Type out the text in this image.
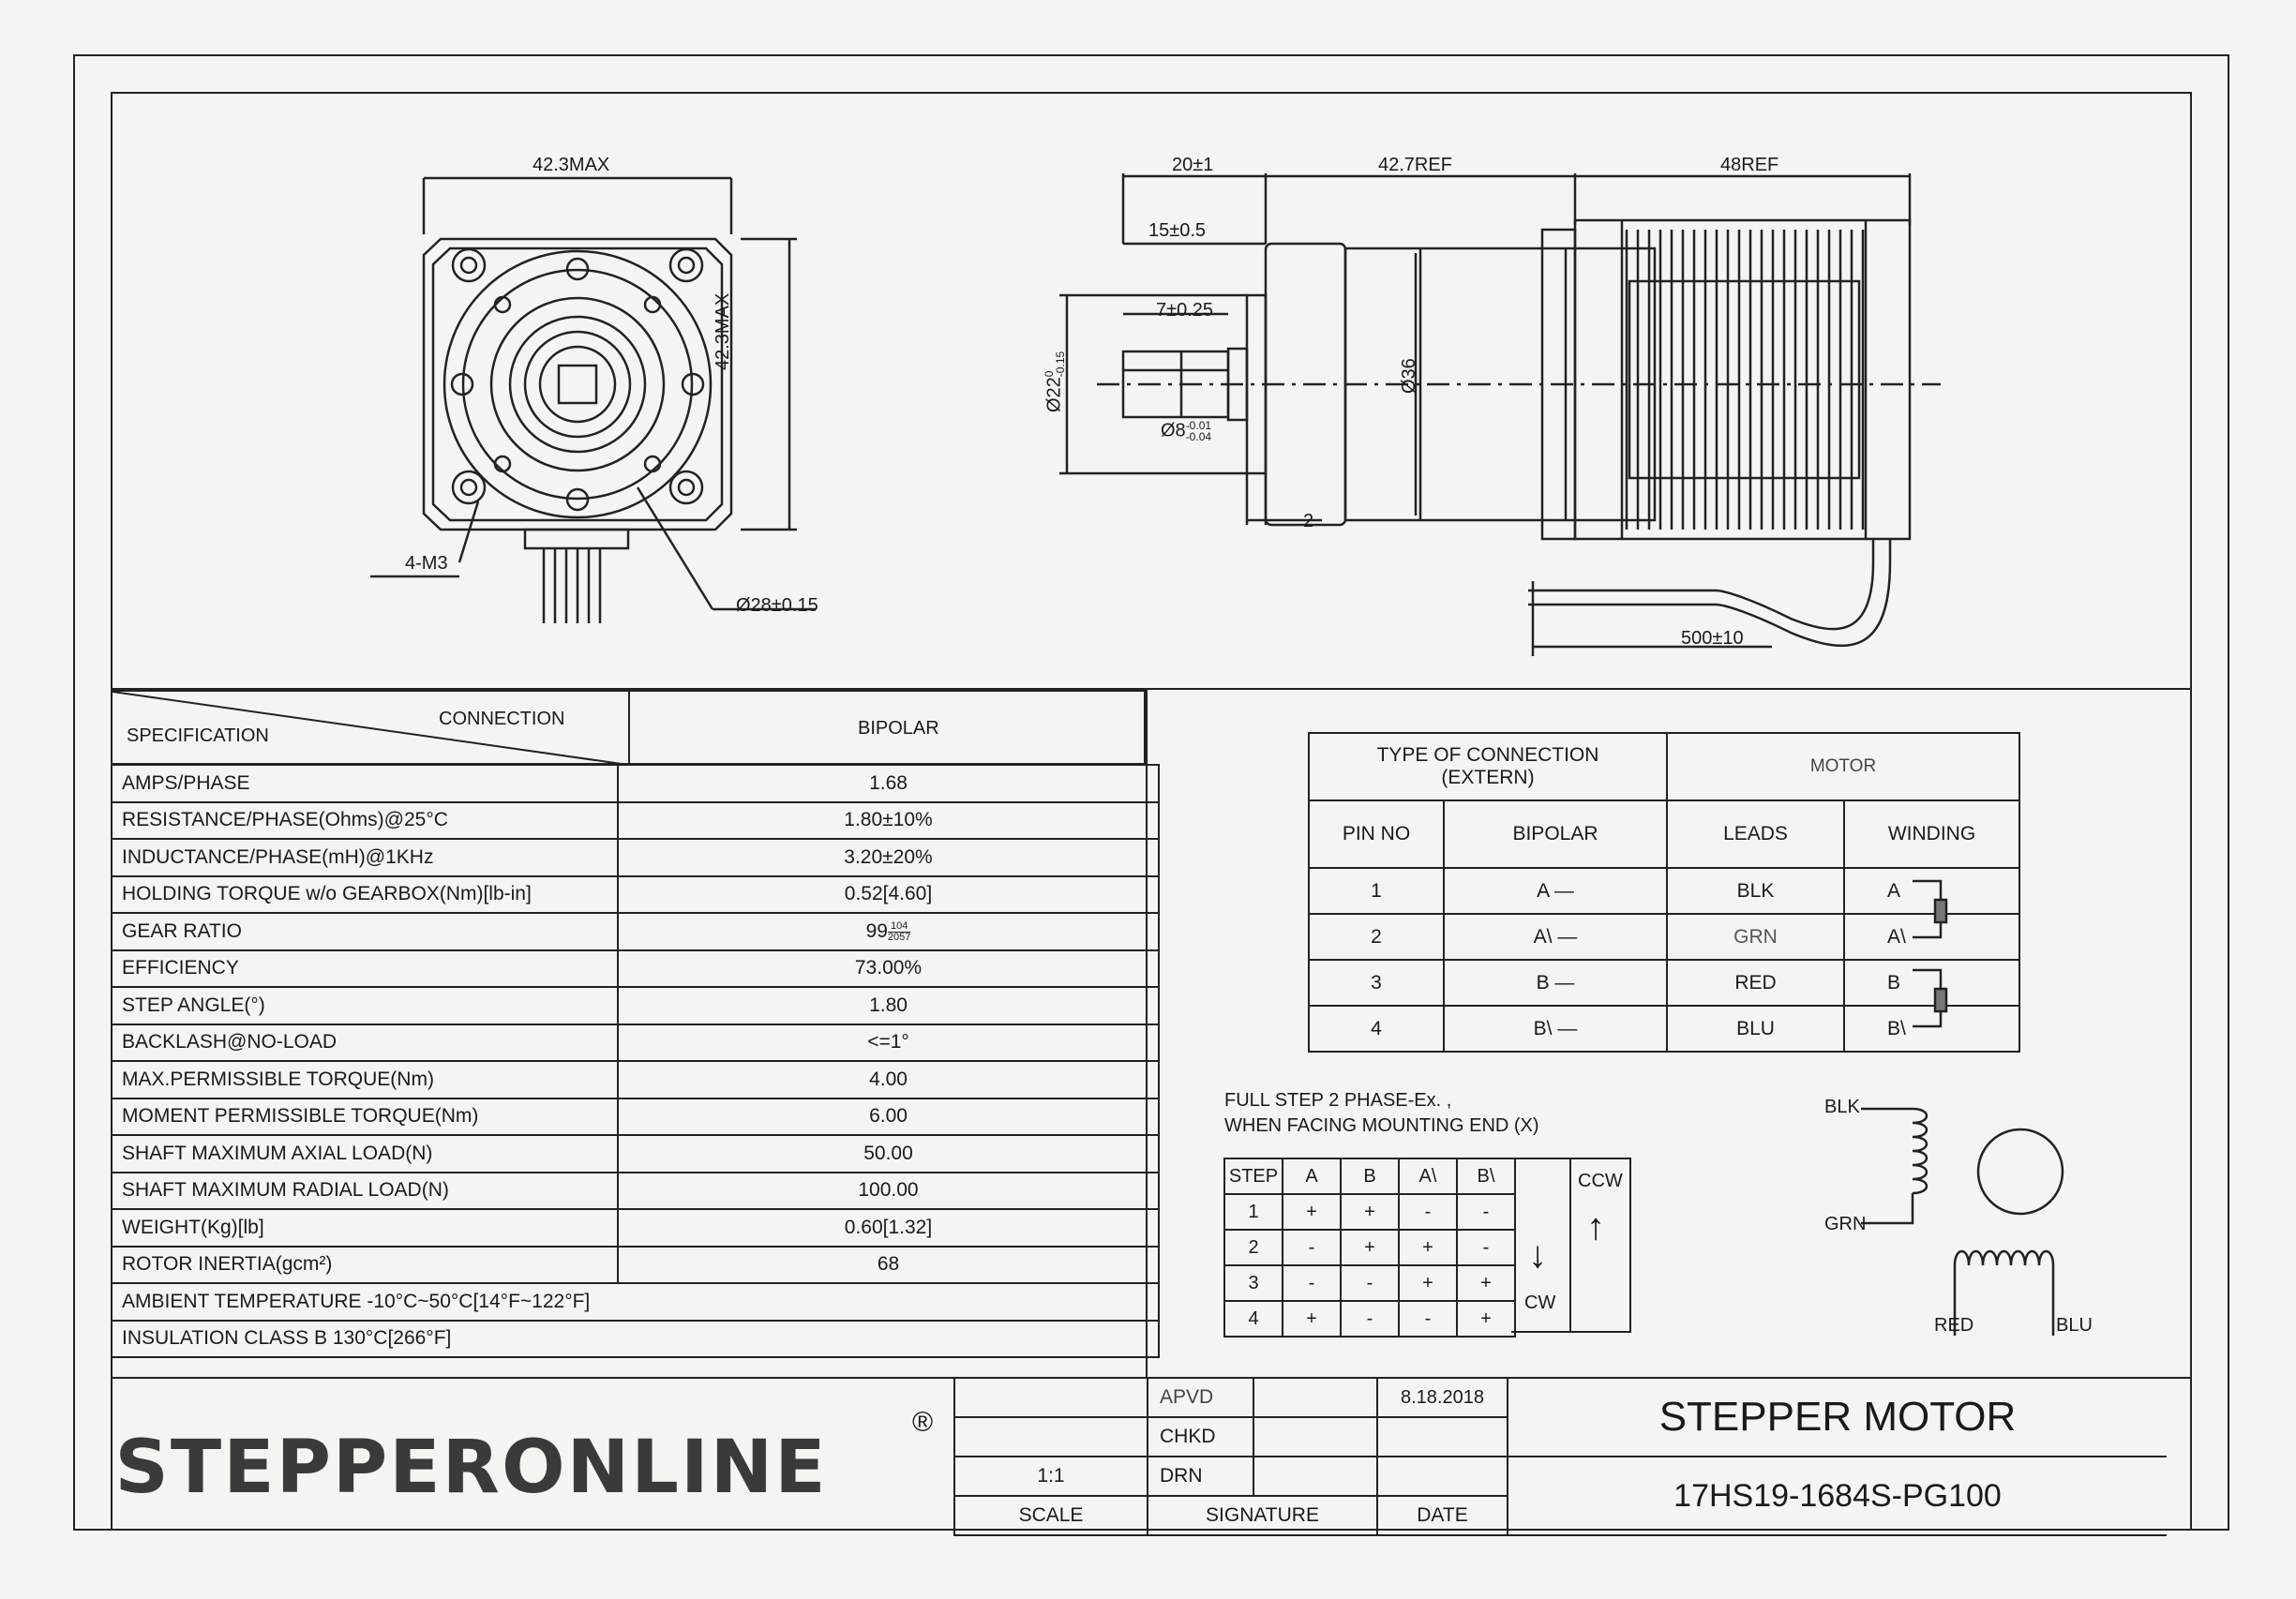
42.3MAX
42.3MAX
4-M3
Ø28±0.15
20±1	42.7REF	48REF
15±0.5
7±0.25
Ø22
0
-0.15
Ø8 -0.01
-0.04
Ø36
2
500±10
CONNECTION
SPECIFICATION	BIPOLAR
AMPS/PHASE	1.68
RESISTANCE/PHASE(Ohms)@25°C	1.80±10%
INDUCTANCE/PHASE(mH)@1KHz	3.20±20%
HOLDING TORQUE w/o GEARBOX(Nm)[lb-in]	0.52[4.60]
GEAR RATIO	$99 \frac{104}{2057}$

EFFICIENCY	73.00%
STEP ANGLE(°)	1.80
BACKLASH@NO-LOAD	<=1°
MAX.PERMISSIBLE TORQUE(Nm)	4.00
MOMENT PERMISSIBLE TORQUE(Nm)	6.00
SHAFT MAXIMUM AXIAL LOAD(N)	50.00
SHAFT MAXIMUM RADIAL LOAD(N)	100.00
WEIGHT(Kg)[lb]	0.60[1.32]
ROTOR INERTIA(gcm²)	68
AMBIENT TEMPERATURE -10°C~50°C[14°F~122°F]	
INSULATION CLASS B 130°C[266°F]	
TYPE OF CONNECTION
(EXTERN)		MOTOR	
PIN NO	BIPOLAR	LEADS	WINDING
1	A —	BLK	A
2	A\ —	GRN	A\
3	B —	RED	B
4	B\ —	BLU	B\
FULL STEP 2 PHASE-Ex. ,
WHEN FACING MOUNTING END (X)
STEP	A	B	A\	B\
1	+	+	-	-
2	-	+	+	-
3	-	-	+	+
4	+	-	-	+
CCW
↑
↓
CW
BLK
GRN
RED	BLU
STEPPERONLINE
®
	APVD		8.18.2018	STEPPER MOTOR
	CHKD			
1:1	DRN			17HS19-1684S-PG100
SCALE	SIGNATURE		DATE	
